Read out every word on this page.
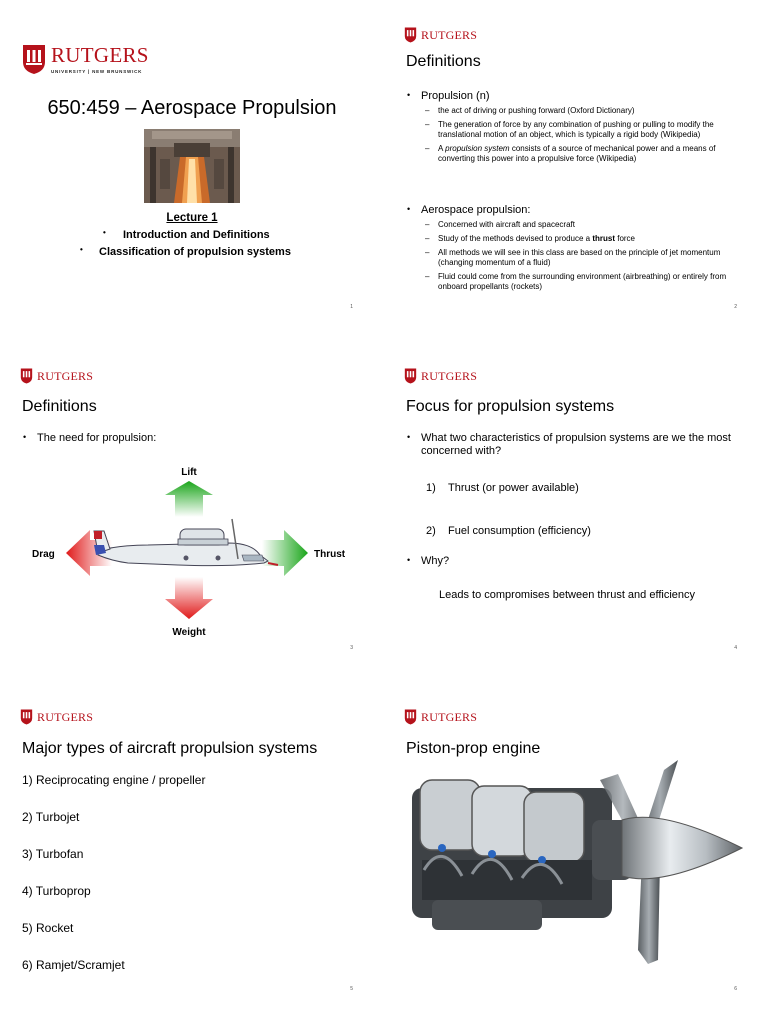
RUTGERS
UNIVERSITY | NEW BRUNSWICK
650:459 – Aerospace Propulsion
Lecture 1
• Introduction and Definitions
• Classification of propulsion systems
1
RUTGERS
Definitions
• Propulsion (n)
– the act of driving or pushing forward (Oxford Dictionary)
– The generation of force by any combination of pushing or pulling to modify the translational motion of an object, which is typically a rigid body (Wikipedia)
– A propulsion system consists of a source of mechanical power and a means of converting this power into a propulsive force (Wikipedia)
• Aerospace propulsion:
– Concerned with aircraft and spacecraft
– Study of the methods devised to produce a thrust force
– All methods we will see in this class are based on the principle of jet momentum (changing momentum of a fluid)
– Fluid could come from the surrounding environment (airbreathing) or entirely from onboard propellants (rockets)
2
RUTGERS
Definitions
• The need for propulsion:
Lift
Weight
Drag	Thrust
3
RUTGERS
Focus for propulsion systems
• What two characteristics of propulsion systems are we the most concerned with?
1) Thrust (or power available)
2) Fuel consumption (efficiency)
• Why?
Leads to compromises between thrust and efficiency
4
RUTGERS
Major types of aircraft propulsion systems
1) Reciprocating engine / propeller
2) Turbojet
3) Turbofan
4) Turboprop
5) Rocket
6) Ramjet/Scramjet
5
RUTGERS
Piston-prop engine
6
